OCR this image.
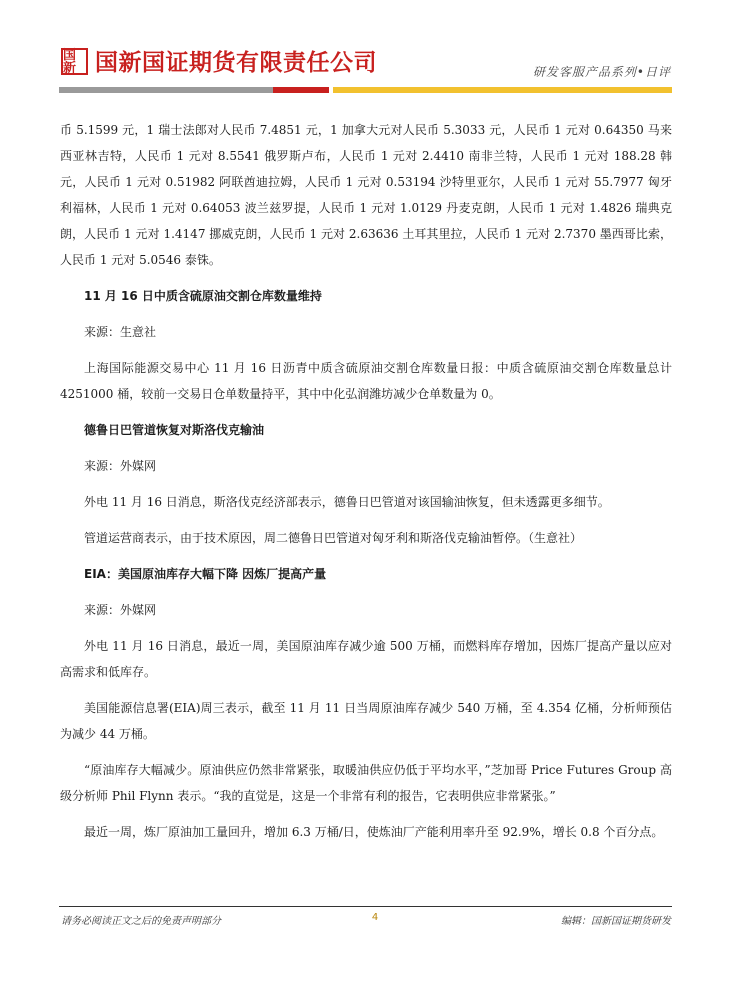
国新 国新国证期货有限责任公司	研发客服产品系列•日评

币 5.1599 元，1 瑞士法郎对人民币 7.4851 元，1 加拿大元对人民币 5.3033 元，人民币 1 元对 0.64350 马来西亚林吉特，人民币 1 元对 8.5541 俄罗斯卢布，人民币 1 元对 2.4410 南非兰特，人民币 1 元对 188.28 韩元，人民币 1 元对 0.51982 阿联酋迪拉姆，人民币 1 元对 0.53194 沙特里亚尔，人民币 1 元对 55.7977 匈牙利福林，人民币 1 元对 0.64053 波兰兹罗提，人民币 1 元对 1.0129 丹麦克朗，人民币 1 元对 1.4826 瑞典克朗，人民币 1 元对 1.4147 挪威克朗，人民币 1 元对 2.63636 土耳其里拉，人民币 1 元对 2.7370 墨西哥比索，人民币 1 元对 5.0546 泰铢。

11 月 16 日中质含硫原油交割仓库数量维持

来源：生意社

上海国际能源交易中心 11 月 16 日沥青中质含硫原油交割仓库数量日报：中质含硫原油交割仓库数量总计 4251000 桶，较前一交易日仓单数量持平，其中中化弘润潍坊减少仓单数量为 0。

德鲁日巴管道恢复对斯洛伐克输油

来源：外媒网

外电 11 月 16 日消息，斯洛伐克经济部表示，德鲁日巴管道对该国输油恢复，但未透露更多细节。

管道运营商表示，由于技术原因，周二德鲁日巴管道对匈牙利和斯洛伐克输油暂停。（生意社）

EIA：美国原油库存大幅下降 因炼厂提高产量

来源：外媒网

外电 11 月 16 日消息，最近一周，美国原油库存减少逾 500 万桶，而燃料库存增加，因炼厂提高产量以应对高需求和低库存。

美国能源信息署(EIA)周三表示，截至 11 月 11 日当周原油库存减少 540 万桶，至 4.354 亿桶，分析师预估为减少 44 万桶。

“原油库存大幅减少。原油供应仍然非常紧张，取暖油供应仍低于平均水平，”芝加哥 Price Futures Group 高级分析师 Phil Flynn 表示。“我的直觉是，这是一个非常有利的报告，它表明供应非常紧张。”

最近一周，炼厂原油加工量回升，增加 6.3 万桶/日，使炼油厂产能利用率升至 92.9%，增长 0.8 个百分点。

请务必阅读正文之后的免责声明部分	4	编辑：国新国证期货研发
